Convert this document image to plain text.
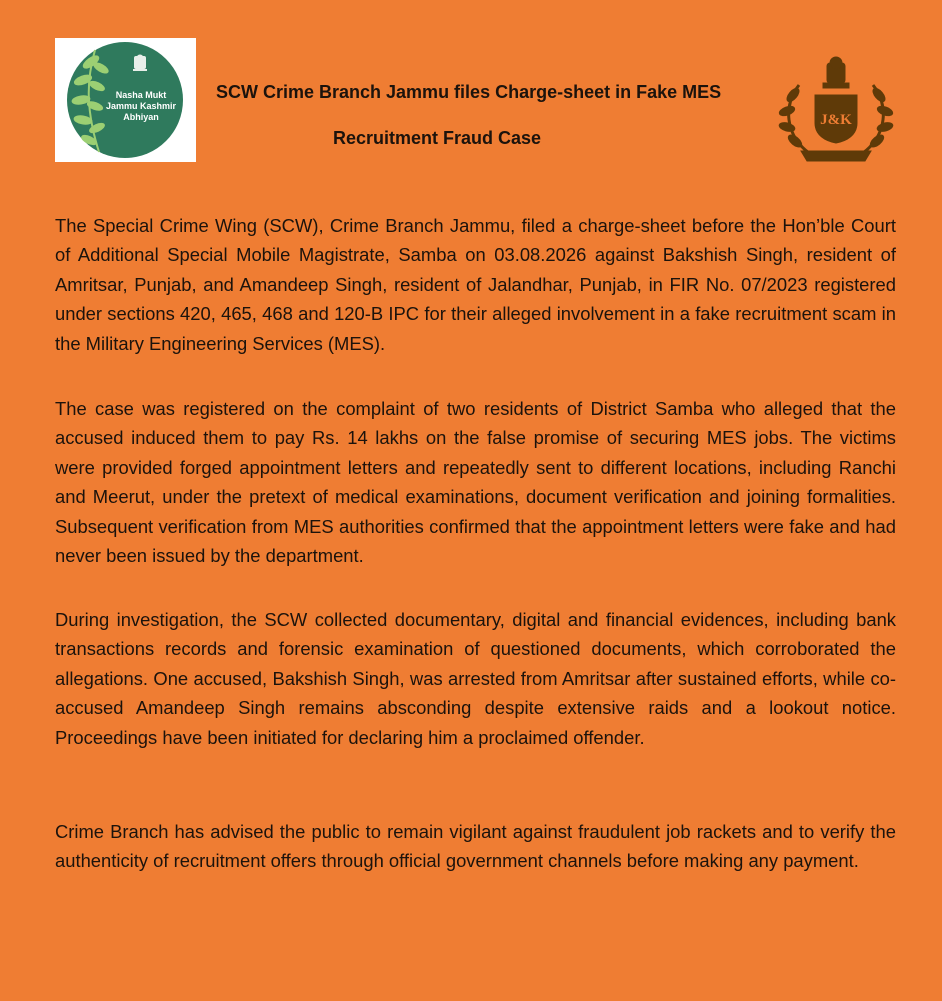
Nasha Mukt
Jammu Kashmir
Abhiyan
SCW Crime Branch Jammu files Charge-sheet in Fake MES
Recruitment Fraud Case
J&K

The Special Crime Wing (SCW), Crime Branch Jammu, filed a charge-sheet before the Hon’ble Court of Additional Special Mobile Magistrate, Samba on 03.08.2026 against Bakshish Singh, resident of Amritsar, Punjab, and Amandeep Singh, resident of Jalandhar, Punjab, in FIR No. 07/2023 registered under sections 420, 465, 468 and 120-B IPC for their alleged involvement in a fake recruitment scam in the Military Engineering Services (MES).

The case was registered on the complaint of two residents of District Samba who alleged that the accused induced them to pay Rs. 14 lakhs on the false promise of securing MES jobs. The victims were provided forged appointment letters and repeatedly sent to different locations, including Ranchi and Meerut, under the pretext of medical examinations, document verification and joining formalities. Subsequent verification from MES authorities confirmed that the appointment letters were fake and had never been issued by the department.

During investigation, the SCW collected documentary, digital and financial evidences, including bank transactions records and forensic examination of questioned documents, which corroborated the allegations. One accused, Bakshish Singh, was arrested from Amritsar after sustained efforts, while co-accused Amandeep Singh remains absconding despite extensive raids and a lookout notice. Proceedings have been initiated for declaring him a proclaimed offender.

Crime Branch has advised the public to remain vigilant against fraudulent job rackets and to verify the authenticity of recruitment offers through official government channels before making any payment.
